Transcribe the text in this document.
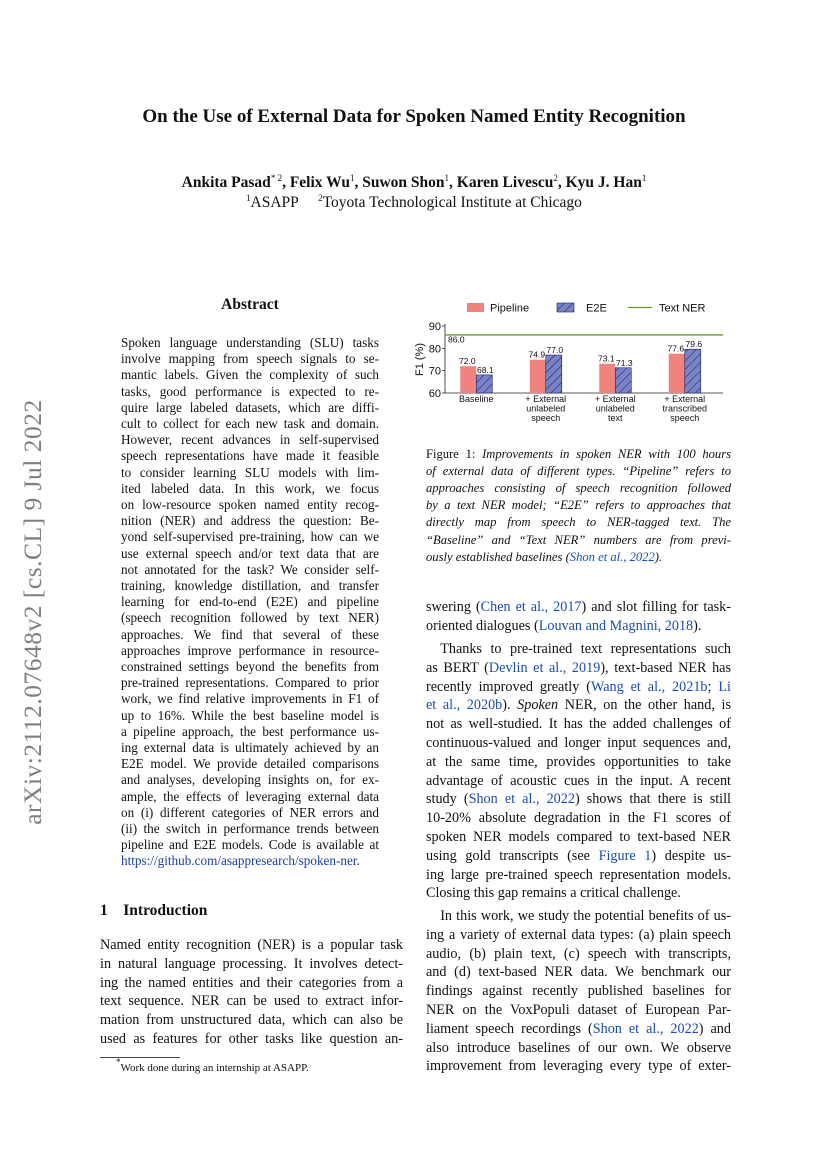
arXiv:2112.07648v2 [cs.CL] 9 Jul 2022
On the Use of External Data for Spoken Named Entity Recognition
Ankita Pasad$^{* 2}$, Felix Wu$^1$, Suwon Shon$^1$, Karen Livescu$^2$, Kyu J. Han$^1$
$^1$ASAPP  $^2$Toyota Technological Institute at Chicago
Abstract
Spoken language understanding (SLU) tasks
involve mapping from speech signals to se-
mantic labels. Given the complexity of such
tasks, good performance is expected to re-
quire large labeled datasets, which are diffi-
cult to collect for each new task and domain.
However, recent advances in self-supervised
speech representations have made it feasible
to consider learning SLU models with lim-
ited labeled data. In this work, we focus
on low-resource spoken named entity recog-
nition (NER) and address the question: Be-
yond self-supervised pre-training, how can we
use external speech and/or text data that are
not annotated for the task? We consider self-
training, knowledge distillation, and transfer
learning for end-to-end (E2E) and pipeline
(speech recognition followed by text NER)
approaches. We find that several of these
approaches improve performance in resource-
constrained settings beyond the benefits from
pre-trained representations. Compared to prior
work, we find relative improvements in F1 of
up to 16%. While the best baseline model is
a pipeline approach, the best performance us-
ing external data is ultimately achieved by an
E2E model. We provide detailed comparisons
and analyses, developing insights on, for ex-
ample, the effects of leveraging external data
on (i) different categories of NER errors and
(ii) the switch in performance trends between
pipeline and E2E models. Code is available at
https://github.com/asappresearch/spoken-ner.
1 Introduction
Named entity recognition (NER) is a popular task
in natural language processing. It involves detect-
ing the named entities and their categories from a
text sequence. NER can be used to extract infor-
mation from unstructured data, which can also be
used as features for other tasks like question an-
*Work done during an internship at ASAPP.
60
70
80
90
F1 (%)
86.0
72.0
68.1
Baseline
74.9 77.0
+ External
unlabeled
speech
73.1 71.3
+ External
unlabeled
text
77.6 79.6
+ External
transcribed
speech
Pipeline	E2E	Text NER
Figure 1: Improvements in spoken NER with 100 hours
of external data of different types. “Pipeline” refers to
approaches consisting of speech recognition followed
by a text NER model; “E2E” refers to approaches that
directly map from speech to NER-tagged text. The
“Baseline” and “Text NER” numbers are from previ-
ously established baselines (Shon et al., 2022).
swering (Chen et al., 2017) and slot filling for task-
oriented dialogues (Louvan and Magnini, 2018).
 Thanks to pre-trained text representations such
as BERT (Devlin et al., 2019), text-based NER has
recently improved greatly (Wang et al., 2021b; Li
et al., 2020b). Spoken NER, on the other hand, is
not as well-studied. It has the added challenges of
continuous-valued and longer input sequences and,
at the same time, provides opportunities to take
advantage of acoustic cues in the input. A recent
study (Shon et al., 2022) shows that there is still
10-20% absolute degradation in the F1 scores of
spoken NER models compared to text-based NER
using gold transcripts (see Figure 1) despite us-
ing large pre-trained speech representation models.
Closing this gap remains a critical challenge.
 In this work, we study the potential benefits of us-
ing a variety of external data types: (a) plain speech
audio, (b) plain text, (c) speech with transcripts,
and (d) text-based NER data. We benchmark our
findings against recently published baselines for
NER on the VoxPopuli dataset of European Par-
liament speech recordings (Shon et al., 2022) and
also introduce baselines of our own. We observe
improvement from leveraging every type of exter-
